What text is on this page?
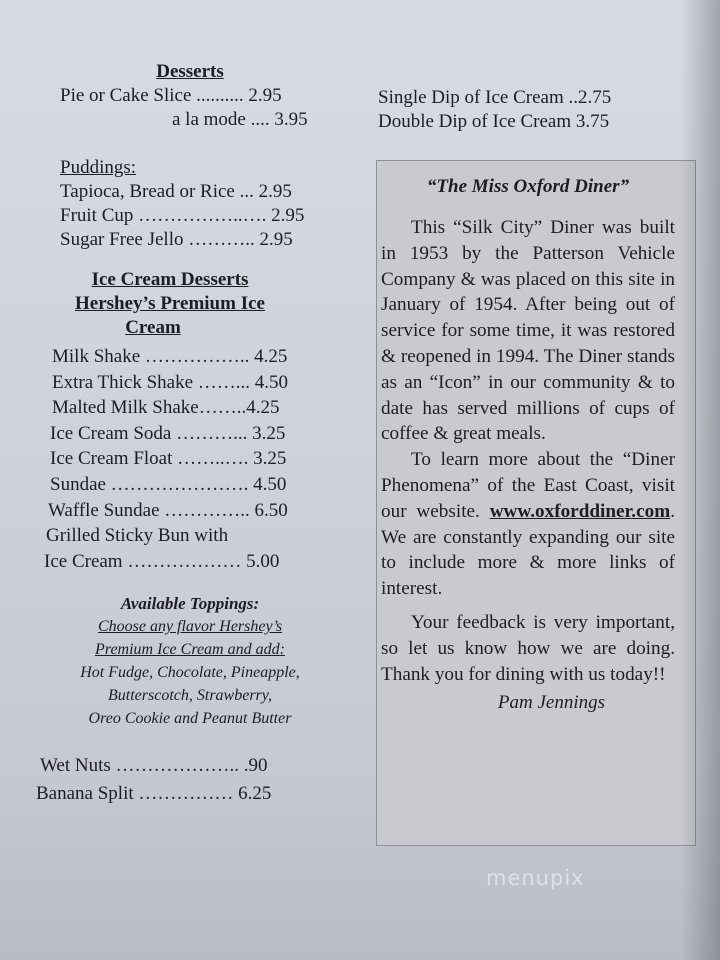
Desserts
Pie or Cake Slice .......... 2.95
a la mode .... 3.95
Puddings:
Tapioca, Bread or Rice ... 2.95
Fruit Cup ……………..…. 2.95
Sugar Free Jello ……….. 2.95
Ice Cream Desserts
Hershey’s Premium Ice
Cream
Milk Shake …………….. 4.25
Extra Thick Shake ……... 4.50
Malted Milk Shake……..4.25
Ice Cream Soda ………... 3.25
Ice Cream Float ……..…. 3.25
Sundae …………………. 4.50
Waffle Sundae ………….. 6.50
Grilled Sticky Bun with
Ice Cream ……………… 5.00
Available Toppings:
Choose any flavor Hershey’s
Premium Ice Cream and add:
Hot Fudge, Chocolate, Pineapple,
Butterscotch, Strawberry,
Oreo Cookie and Peanut Butter
Wet Nuts ……………….. .90
Banana Split …………… 6.25
Single Dip of Ice Cream ..2.75
Double Dip of Ice Cream 3.75
“The Miss Oxford Diner”

This “Silk City” Diner was built in 1953 by the Patterson Vehicle Company & was placed on this site in January of 1954. After being out of service for some time, it was restored & reopened in 1994. The Diner stands as an “Icon” in our community & to date has served millions of cups of coffee & great meals.

To learn more about the “Diner Phenomena” of the East Coast, visit our website. www.oxforddiner.com. We are constantly expanding our site to include more & more links of interest.

Your feedback is very important, so let us know how we are doing. Thank you for dining with us today!!

Pam Jennings
menupix
